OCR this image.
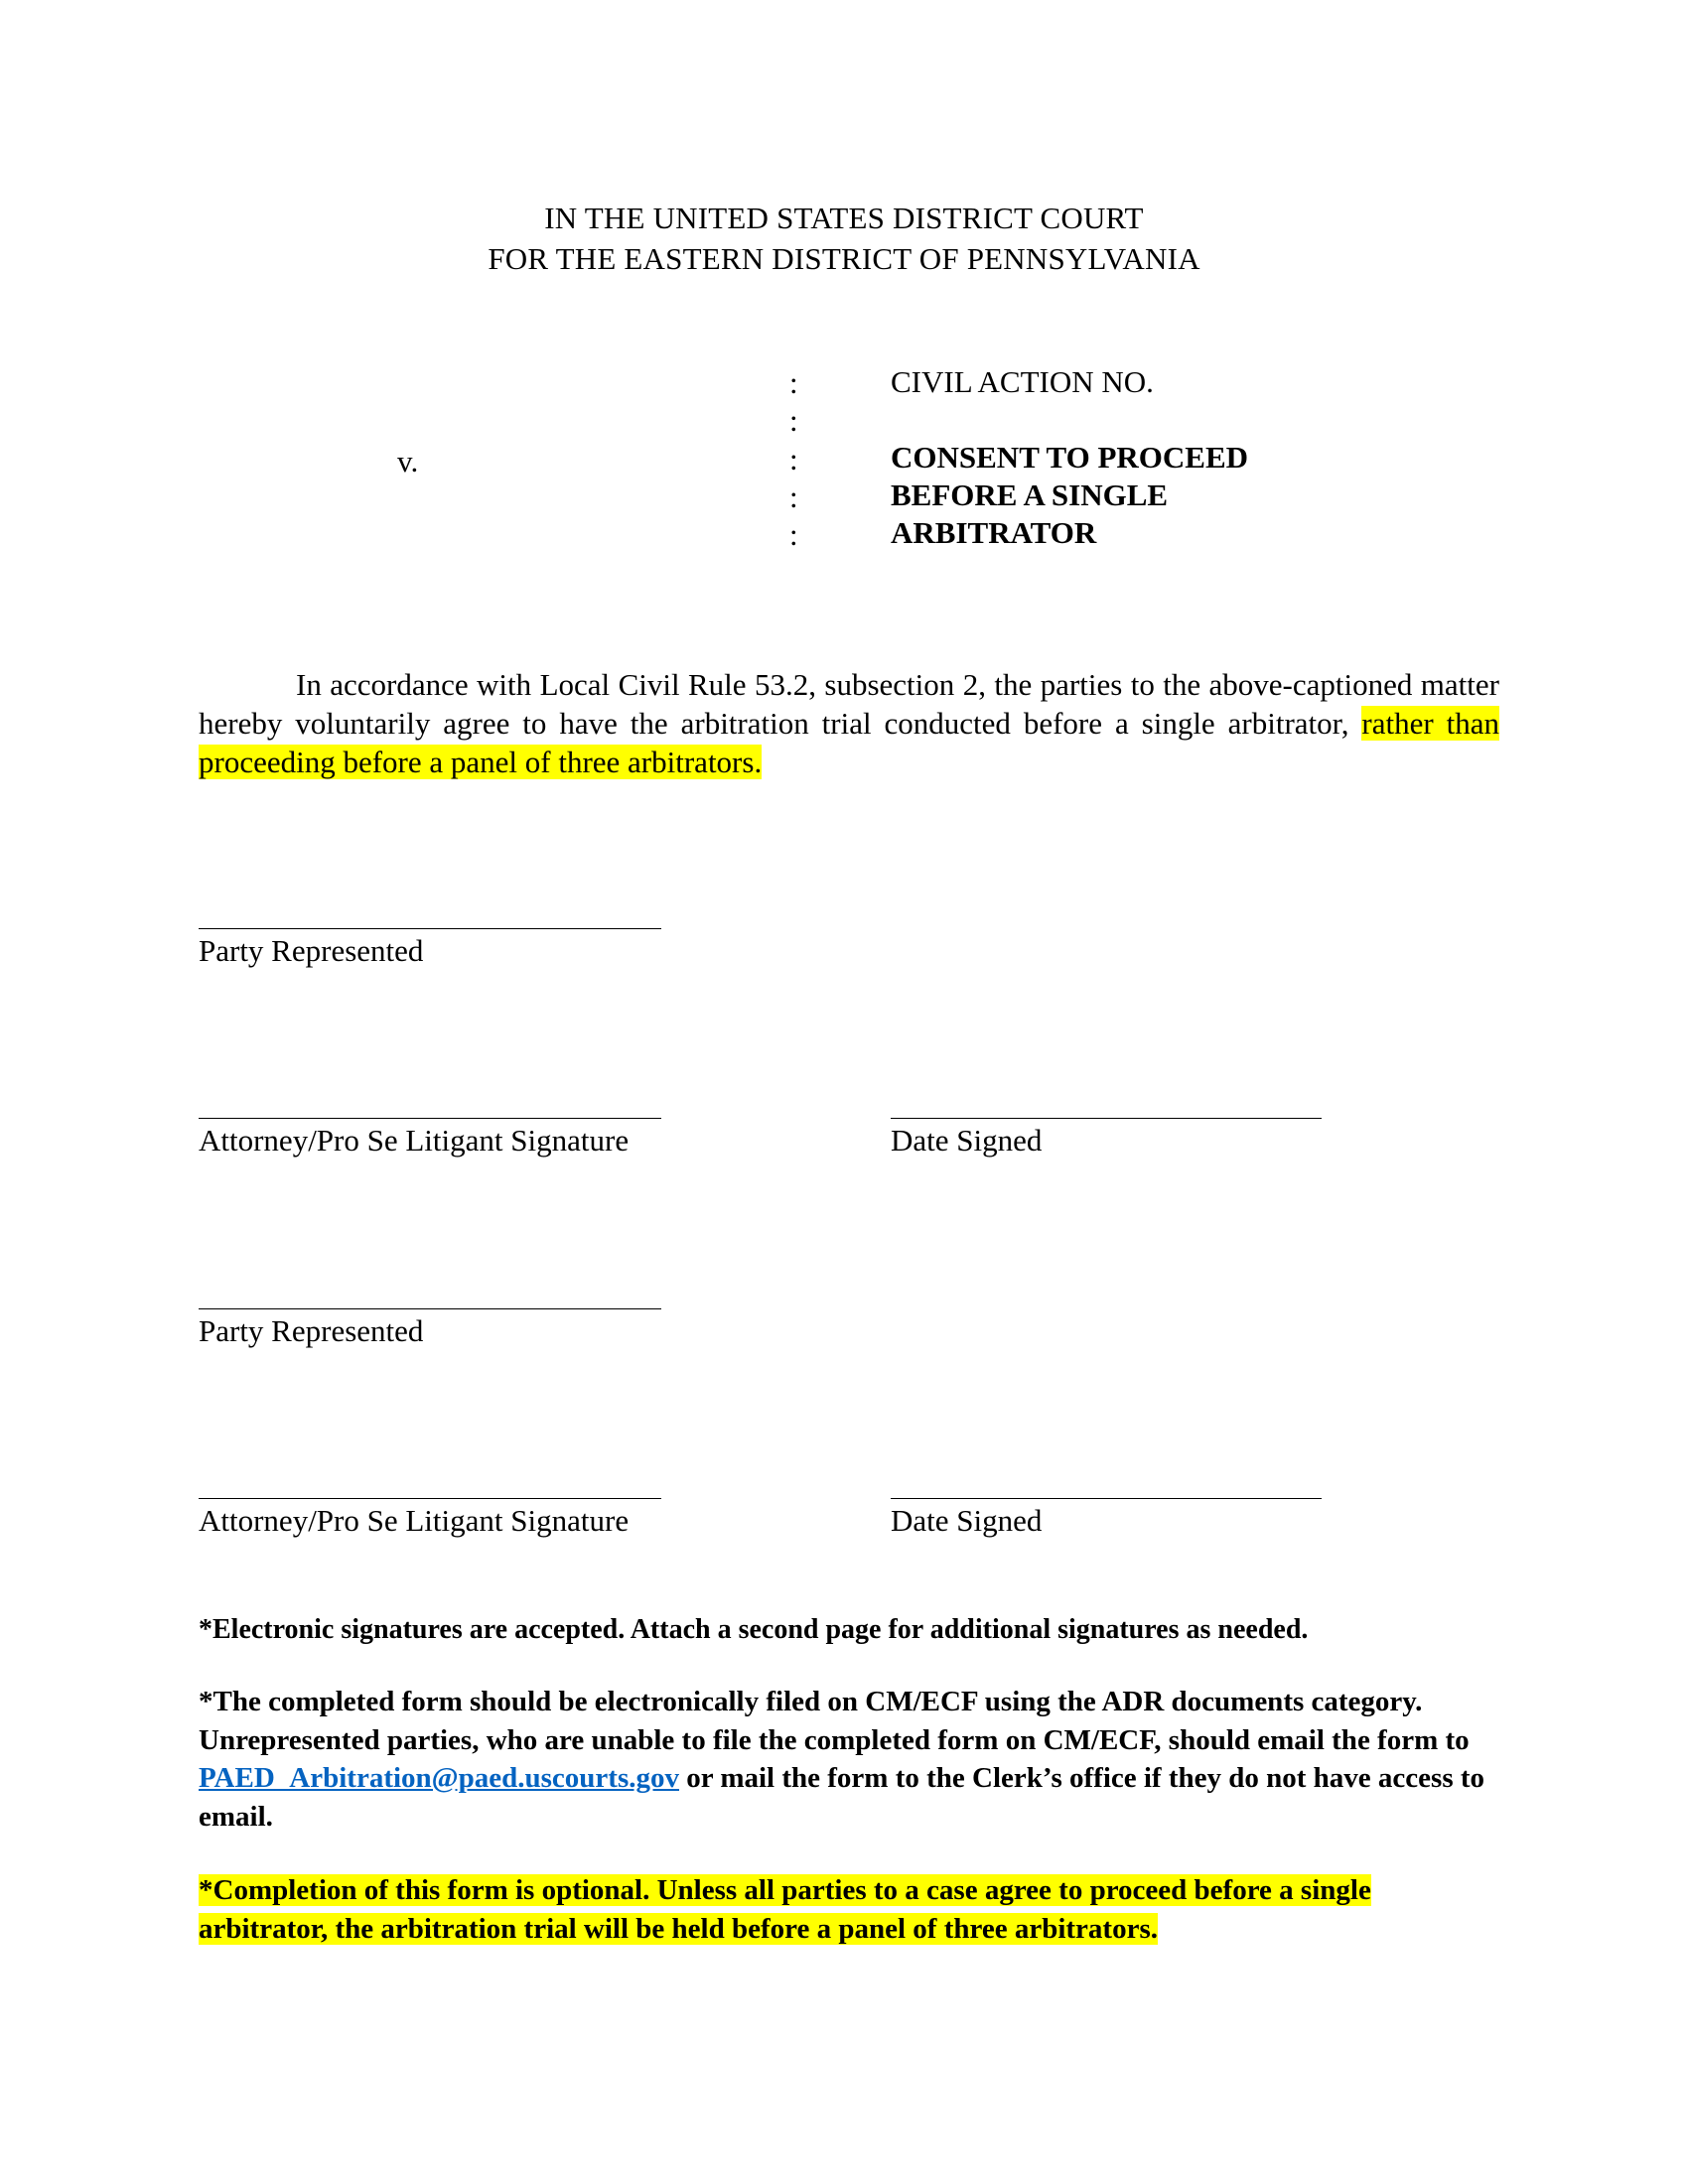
IN THE UNITED STATES DISTRICT COURT
FOR THE EASTERN DISTRICT OF PENNSYLVANIA
v.
:
:
:
:
:
CIVIL ACTION NO.
CONSENT TO PROCEED
BEFORE A SINGLE
ARBITRATOR
In accordance with Local Civil Rule 53.2, subsection 2, the parties to the above-captioned matter hereby voluntarily agree to have the arbitration trial conducted before a single arbitrator, rather than proceeding before a panel of three arbitrators.
Party Represented
Attorney/Pro Se Litigant Signature	Date Signed
Party Represented
Attorney/Pro Se Litigant Signature	Date Signed
*Electronic signatures are accepted. Attach a second page for additional signatures as needed.
*The completed form should be electronically filed on CM/ECF using the ADR documents category. Unrepresented parties, who are unable to file the completed form on CM/ECF, should email the form to PAED_Arbitration@paed.uscourts.gov or mail the form to the Clerk’s office if they do not have access to email.
*Completion of this form is optional. Unless all parties to a case agree to proceed before a single arbitrator, the arbitration trial will be held before a panel of three arbitrators.
